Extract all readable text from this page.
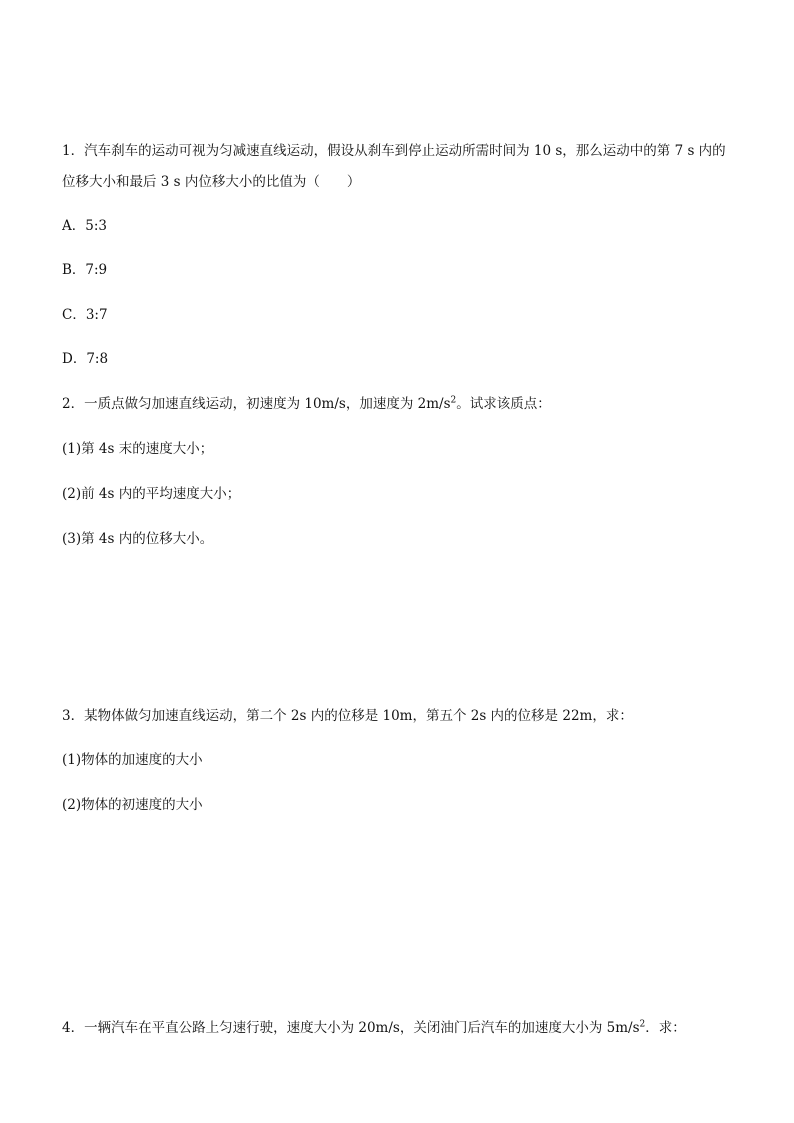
1．汽车刹车的运动可视为匀减速直线运动，假设从刹车到停止运动所需时间为 10 s，那么运动中的第 7 s 内的
位移大小和最后 3 s 内位移大小的比值为（　　）
A．5:3
B．7:9
C．3:7
D．7:8
2．一质点做匀加速直线运动，初速度为 10m/s，加速度为 $2m/s^2$。试求该质点：
(1)第 4s 末的速度大小；
(2)前 4s 内的平均速度大小；
(3)第 4s 内的位移大小。
3．某物体做匀加速直线运动，第二个 2s 内的位移是 10m，第五个 2s 内的位移是 22m，求：
(1)物体的加速度的大小
(2)物体的初速度的大小
4．一辆汽车在平直公路上匀速行驶，速度大小为 20m/s，关闭油门后汽车的加速度大小为 $5m/s^2$．求：
